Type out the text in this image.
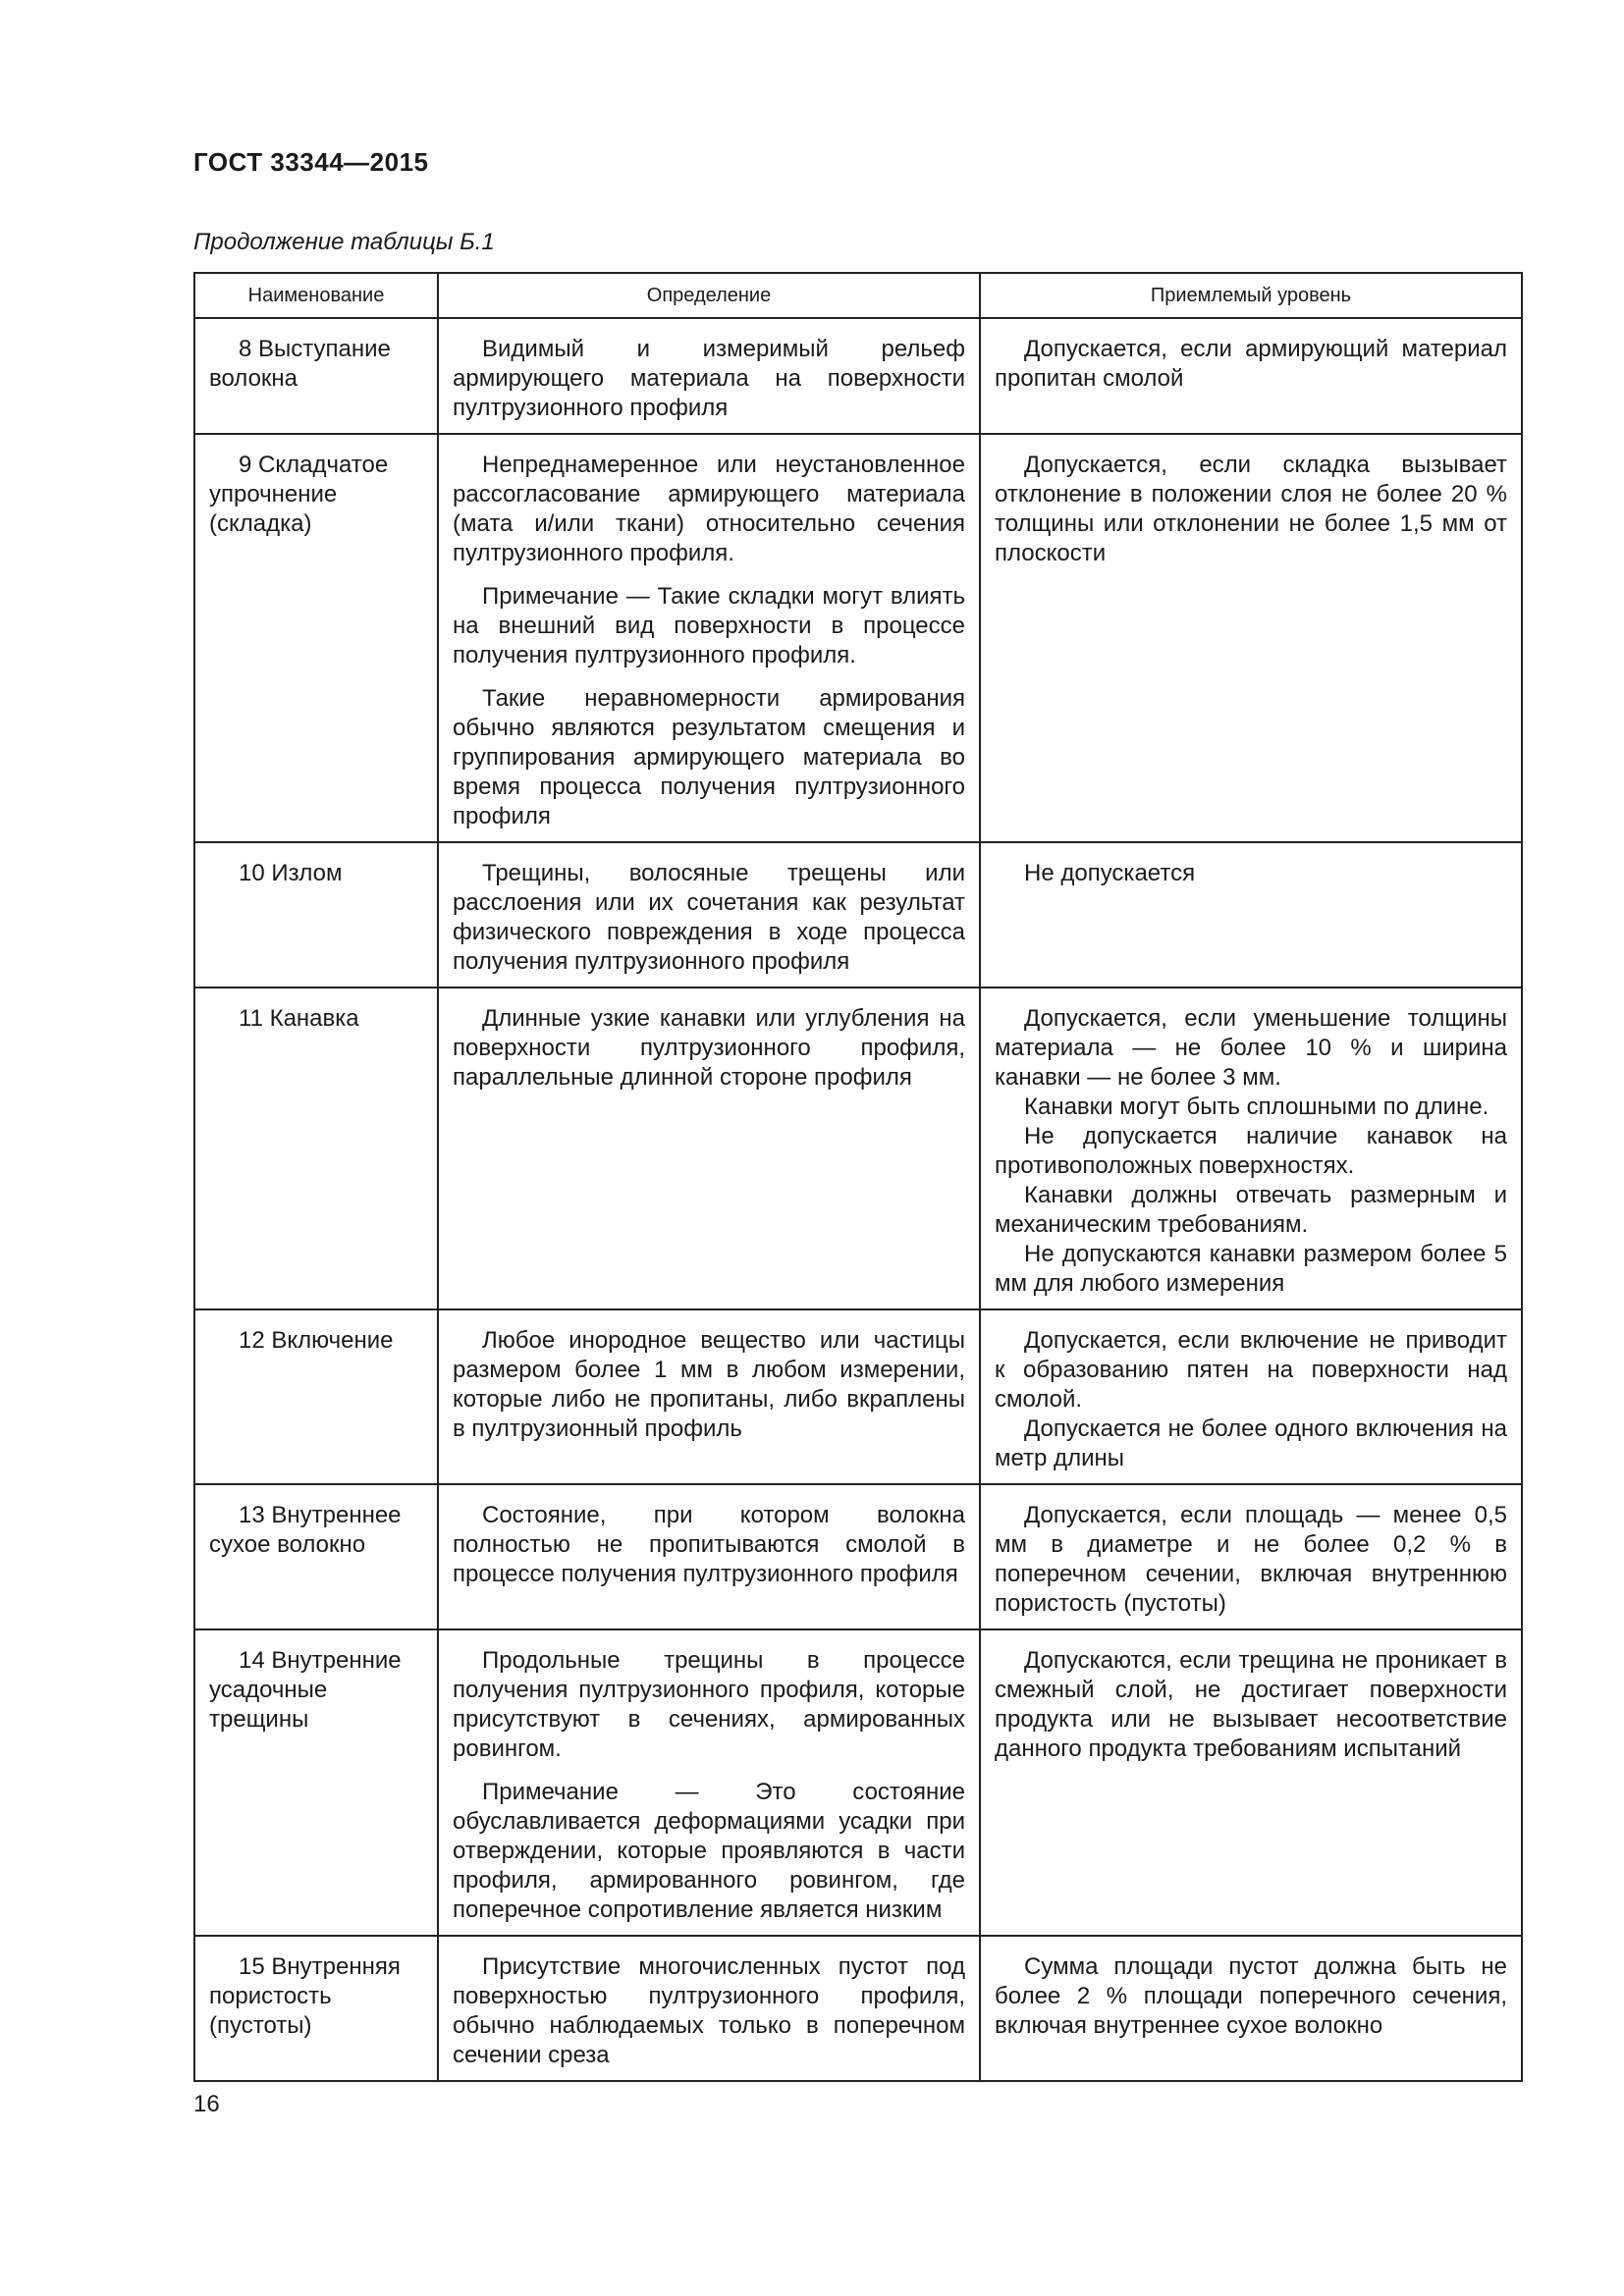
ГОСТ 33344—2015
Продолжение таблицы Б.1
Наименование	Определение	Приемлемый уровень

8 Выступание волокна	Видимый и измеримый рельеф армирующего материала на поверхности пултрузионного профиля	Допускается, если армирующий материал пропитан смолой

9 Складчатое упрочнение (складка)	Непреднамеренное или неустановленное рассогласование армирующего материала (мата и/или ткани) относительно сечения пултрузионного профиля.
Примечание — Такие складки могут влиять на внешний вид поверхности в процессе получения пултрузионного профиля.
Такие неравномерности армирования обычно являются результатом смещения и группирования армирующего материала во время процесса получения пултрузионного профиля	Допускается, если складка вызывает отклонение в положении слоя не более 20 % толщины или отклонении не более 1,5 мм от плоскости

10 Излом	Трещины, волосяные трещены или расслоения или их сочетания как результат физического повреждения в ходе процесса получения пултрузионного профиля	Не допускается

11 Канавка	Длинные узкие канавки или углубления на поверхности пултрузионного профиля, параллельные длинной стороне профиля	Допускается, если уменьшение толщины материала — не более 10 % и ширина канавки — не более 3 мм.
Канавки могут быть сплошными по длине.
Не допускается наличие канавок на противоположных поверхностях.
Канавки должны отвечать размерным и механическим требованиям.
Не допускаются канавки размером более 5 мм для любого измерения

12 Включение	Любое инородное вещество или частицы размером более 1 мм в любом измерении, которые либо не пропитаны, либо вкраплены в пултрузионный профиль	Допускается, если включение не приводит к образованию пятен на поверхности над смолой.
Допускается не более одного включения на метр длины

13 Внутреннее сухое волокно	Состояние, при котором волокна полностью не пропитываются смолой в процессе получения пултрузионного профиля	Допускается, если площадь — менее 0,5 мм в диаметре и не более 0,2 % в поперечном сечении, включая внутреннюю пористость (пустоты)

14 Внутренние усадочные трещины	Продольные трещины в процессе получения пултрузионного профиля, которые присутствуют в сечениях, армированных ровингом.
Примечание — Это состояние обуславливается деформациями усадки при отверждении, которые проявляются в части профиля, армированного ровингом, где поперечное сопротивление является низким	Допускаются, если трещина не проникает в смежный слой, не достигает поверхности продукта или не вызывает несоответствие данного продукта требованиям испытаний

15 Внутренняя пористость (пустоты)	Присутствие многочисленных пустот под поверхностью пултрузионного профиля, обычно наблюдаемых только в поперечном сечении среза	Сумма площади пустот должна быть не более 2 % площади поперечного сечения, включая внутреннее сухое волокно
16
